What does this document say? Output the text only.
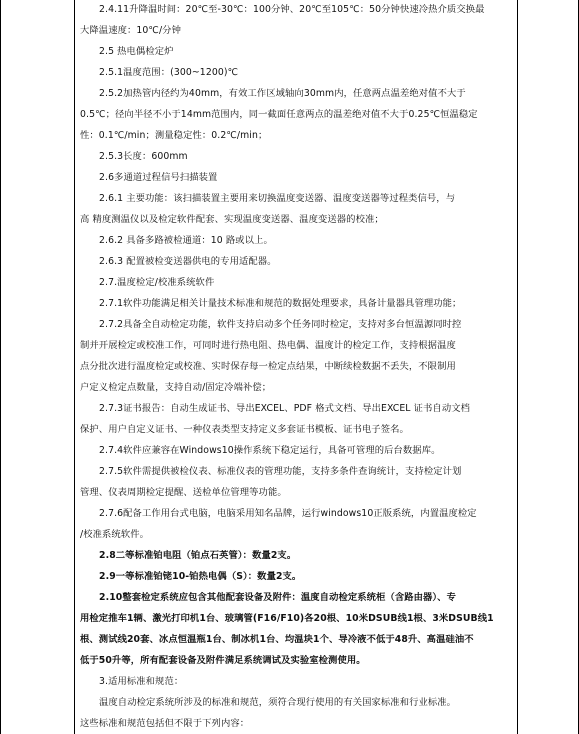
2.4.11升降温时间：20℃至-30℃：100分钟、20℃至105℃：50分钟快速冷热介质交换最
大降温速度：10℃/分钟
2.5 热电偶检定炉
2.5.1温度范围：(300~1200)℃
2.5.2加热管内径约为40mm，有效工作区域轴向30mm内，任意两点温差绝对值不大于
0.5℃；径向半径不小于14mm范围内，同一截面任意两点的温差绝对值不大于0.25℃恒温稳定
性：0.1℃/min；测量稳定性：0.2℃/min；
2.5.3长度：600mm
2.6多通道过程信号扫描装置
2.6.1 主要功能：该扫描装置主要用来切换温度变送器、温度变送器等过程类信号，与
高 精度测温仪以及检定软件配套、实现温度变送器、温度变送器的校准；
2.6.2 具备多路被检通道：10 路或以上。
2.6.3 配置被检变送器供电的专用适配器。
2.7.温度检定/校准系统软件
2.7.1软件功能满足相关计量技术标准和规范的数据处理要求，具备计量器具管理功能；
2.7.2具备全自动检定功能，软件支持启动多个任务同时检定，支持对多台恒温源同时控
制并开展检定或校准工作，可同时进行热电阻、热电偶、温度计的检定工作，支持根据温度
点分批次进行温度检定或校准、实时保存每一检定点结果，中断续检数据不丢失，不限制用
户定义检定点数量，支持自动/固定冷端补偿；
2.7.3证书报告：自动生成证书、导出EXCEL、PDF 格式文档、导出EXCEL 证书自动文档
保护、用户自定义证书、一种仪表类型支持定义多套证书模板、证书电子签名。
2.7.4软件应兼容在Windows10操作系统下稳定运行，具备可管理的后台数据库。
2.7.5软件需提供被检仪表、标准仪表的管理功能，支持多条件查询统计，支持检定计划
管理、仪表周期检定提醒、送检单位管理等功能。
2.7.6配备工作用台式电脑，电脑采用知名品牌，运行windows10正版系统，内置温度检定
/校准系统软件。
2.8二等标准铂电阻（铂点石英管）：数量2支。
2.9一等标准铂铑10-铂热电偶（S）：数量2支。
2.10整套检定系统应包含其他配套设备及附件：温度自动检定系统柜（含路由器）、专
用检定推车1辆、激光打印机1台、玻璃管(F16/F10)各20根、10米DSUB线1根、3米DSUB线1
根、测试线20套、冰点恒温瓶1台、制冰机1台、均温块1个、导冷液不低于48升、高温硅油不
低于50升等，所有配套设备及附件满足系统调试及实验室检测使用。
3.适用标准和规范：
温度自动检定系统所涉及的标准和规范，须符合现行使用的有关国家标准和行业标准。
这些标准和规范包括但不限于下列内容：
